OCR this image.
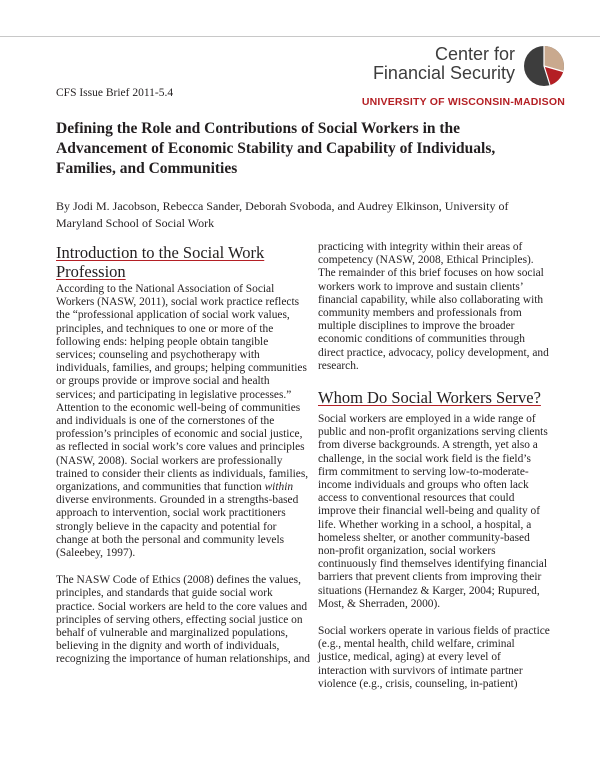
CFS Issue Brief 2011-5.4
Center for
Financial Security
UNIVERSITY OF WISCONSIN-MADISON
Defining the Role and Contributions of Social Workers in the Advancement of Economic Stability and Capability of Individuals, Families, and Communities
By Jodi M. Jacobson, Rebecca Sander, Deborah Svoboda, and Audrey Elkinson, University of Maryland School of Social Work
Introduction to the Social Work Profession

According to the National Association of Social Workers (NASW, 2011), social work practice reflects the “professional application of social work values, principles, and techniques to one or more of the following ends: helping people obtain tangible services; counseling and psychotherapy with individuals, families, and groups; helping communities or groups provide or improve social and health services; and participating in legislative processes.” Attention to the economic well-being of communities and individuals is one of the cornerstones of the profession’s principles of economic and social justice, as reflected in social work’s core values and principles (NASW, 2008). Social workers are professionally trained to consider their clients as individuals, families, organizations, and communities that function within diverse environments. Grounded in a strengths-based approach to intervention, social work practitioners strongly believe in the capacity and potential for change at both the personal and community levels (Saleebey, 1997).

The NASW Code of Ethics (2008) defines the values, principles, and standards that guide social work practice. Social workers are held to the core values and principles of serving others, effecting social justice on behalf of vulnerable and marginalized populations, believing in the dignity and worth of individuals, recognizing the importance of human relationships, and

practicing with integrity within their areas of competency (NASW, 2008, Ethical Principles). The remainder of this brief focuses on how social workers work to improve and sustain clients’ financial capability, while also collaborating with community members and professionals from multiple disciplines to improve the broader economic conditions of communities through direct practice, advocacy, policy development, and research.

Whom Do Social Workers Serve?

Social workers are employed in a wide range of public and non-profit organizations serving clients from diverse backgrounds. A strength, yet also a challenge, in the social work field is the field’s firm commitment to serving low-to-moderate-income individuals and groups who often lack access to conventional resources that could improve their financial well-being and quality of life. Whether working in a school, a hospital, a homeless shelter, or another community-based non-profit organization, social workers continuously find themselves identifying financial barriers that prevent clients from improving their situations (Hernandez & Karger, 2004; Rupured, Most, & Sherraden, 2000).

Social workers operate in various fields of practice (e.g., mental health, child welfare, criminal justice, medical, aging) at every level of interaction with survivors of intimate partner violence (e.g., crisis, counseling, in-patient)
